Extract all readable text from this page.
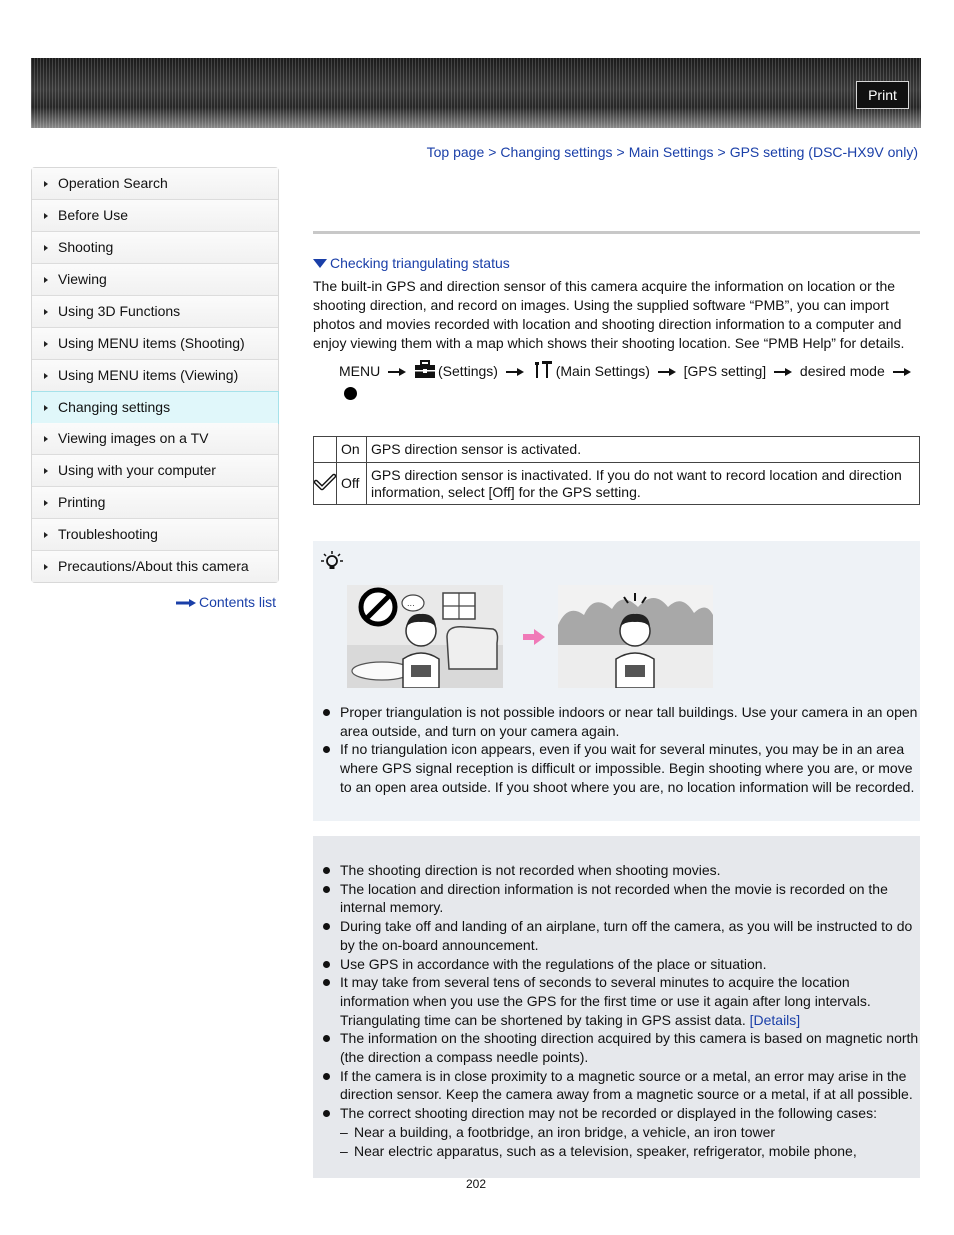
Print
Top page > Changing settings > Main Settings > GPS setting (DSC-HX9V only)
Operation Search
Before Use
Shooting
Viewing
Using 3D Functions
Using MENU items (Shooting)
Using MENU items (Viewing)
Changing settings
Viewing images on a TV
Using with your computer
Printing
Troubleshooting
Precautions/About this camera
Contents list
Checking triangulating status
The built-in GPS and direction sensor of this camera acquire the information on location or the shooting direction, and record on images. Using the supplied software “PMB”, you can import photos and movies recorded with location and shooting direction information to a computer and enjoy viewing them with a map which shows their shooting location. See “PMB Help” for details.
MENU	(Settings)	(Main Settings) [GPS setting] desired mode
	On	GPS direction sensor is activated.
	Off	GPS direction sensor is inactivated. If you do not want to record location and direction information, select [Off] for the GPS setting.
...
Proper triangulation is not possible indoors or near tall buildings. Use your camera in an open area outside, and turn on your camera again.
If no triangulation icon appears, even if you wait for several minutes, you may be in an area where GPS signal reception is difficult or impossible. Begin shooting where you are, or move to an open area outside. If you shoot where you are, no location information will be recorded.
The shooting direction is not recorded when shooting movies.
The location and direction information is not recorded when the movie is recorded on the internal memory.
During take off and landing of an airplane, turn off the camera, as you will be instructed to do by the on-board announcement.
Use GPS in accordance with the regulations of the place or situation.
It may take from several tens of seconds to several minutes to acquire the location information when you use the GPS for the first time or use it again after long intervals. Triangulating time can be shortened by taking in GPS assist data. [Details]
The information on the shooting direction acquired by this camera is based on magnetic north (the direction a compass needle points).
If the camera is in close proximity to a magnetic source or a metal, an error may arise in the direction sensor. Keep the camera away from a magnetic source or a metal, if at all possible.
The correct shooting direction may not be recorded or displayed in the following cases:
– Near a building, a footbridge, an iron bridge, a vehicle, an iron tower
– Near electric apparatus, such as a television, speaker, refrigerator, mobile phone,
202
